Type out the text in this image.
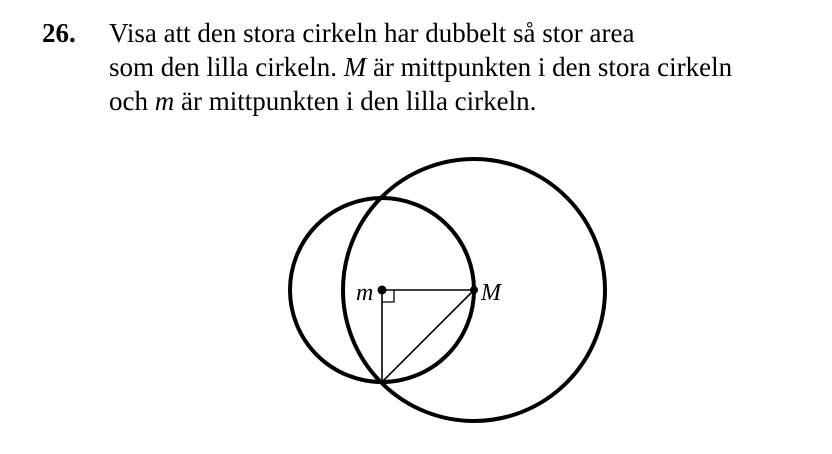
26. Visa att den stora cirkeln har dubbelt så stor area
som den lilla cirkeln. M är mittpunkten i den stora cirkeln
och m är mittpunkten i den lilla cirkeln.
m	M
